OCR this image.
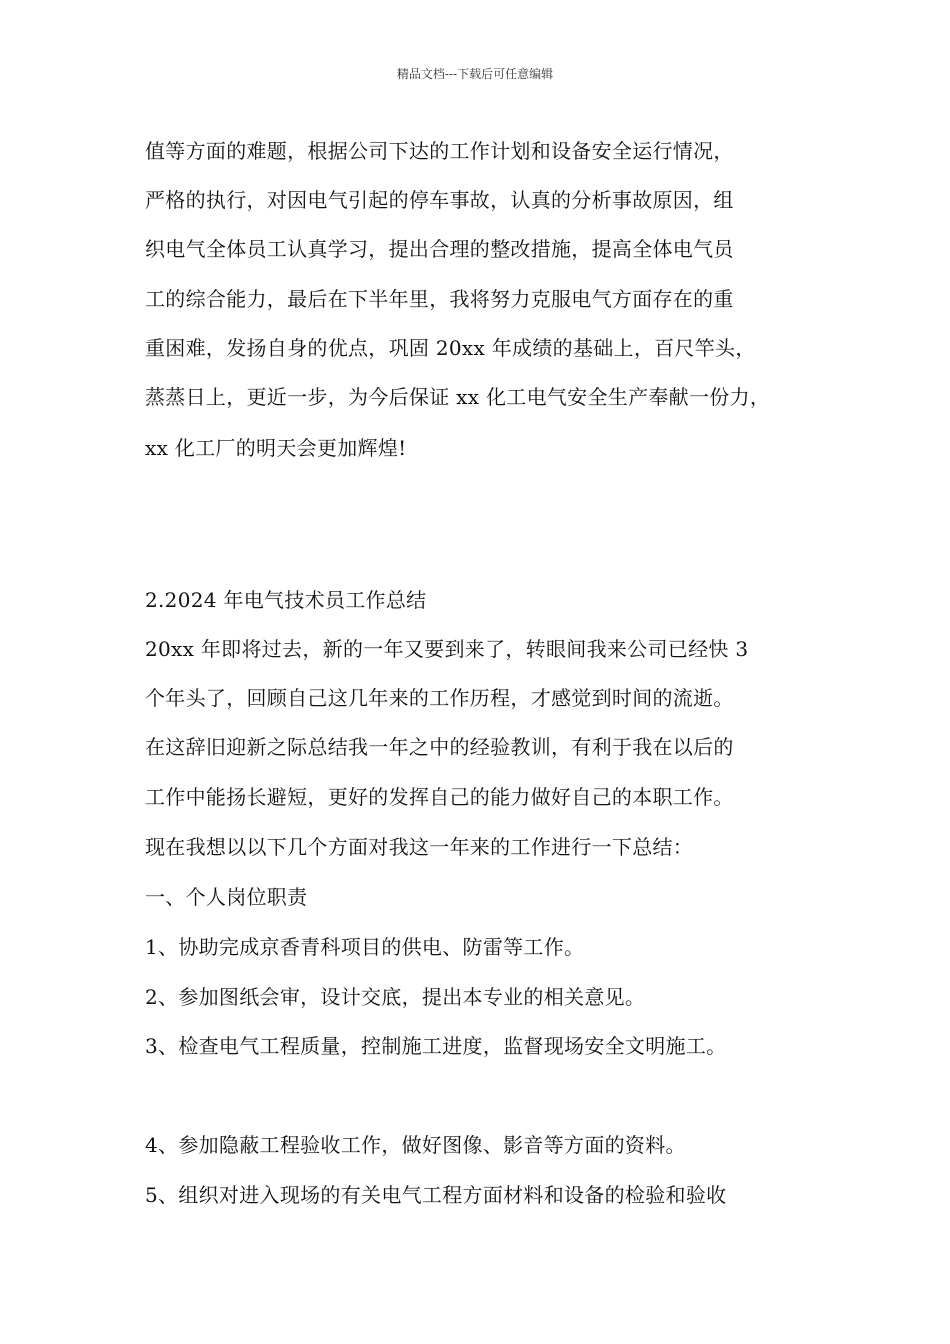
精品文档---下载后可任意编辑
值等方面的难题，根据公司下达的工作计划和设备安全运行情况，
严格的执行，对因电气引起的停车事故，认真的分析事故原因，组
织电气全体员工认真学习，提出合理的整改措施，提高全体电气员
工的综合能力，最后在下半年里，我将努力克服电气方面存在的重
重困难，发扬自身的优点，巩固 20xx 年成绩的基础上，百尺竿头，
蒸蒸日上，更近一步，为今后保证 xx 化工电气安全生产奉献一份力，
xx 化工厂的明天会更加辉煌!
2.2024 年电气技术员工作总结
20xx 年即将过去，新的一年又要到来了，转眼间我来公司已经快 3
个年头了，回顾自己这几年来的工作历程，才感觉到时间的流逝。
在这辞旧迎新之际总结我一年之中的经验教训，有利于我在以后的
工作中能扬长避短，更好的发挥自己的能力做好自己的本职工作。
现在我想以以下几个方面对我这一年来的工作进行一下总结：
一、个人岗位职责
1、协助完成京香青科项目的供电、防雷等工作。
2、参加图纸会审，设计交底，提出本专业的相关意见。
3、检查电气工程质量，控制施工进度，监督现场安全文明施工。
4、参加隐蔽工程验收工作，做好图像、影音等方面的资料。
5、组织对进入现场的有关电气工程方面材料和设备的检验和验收
